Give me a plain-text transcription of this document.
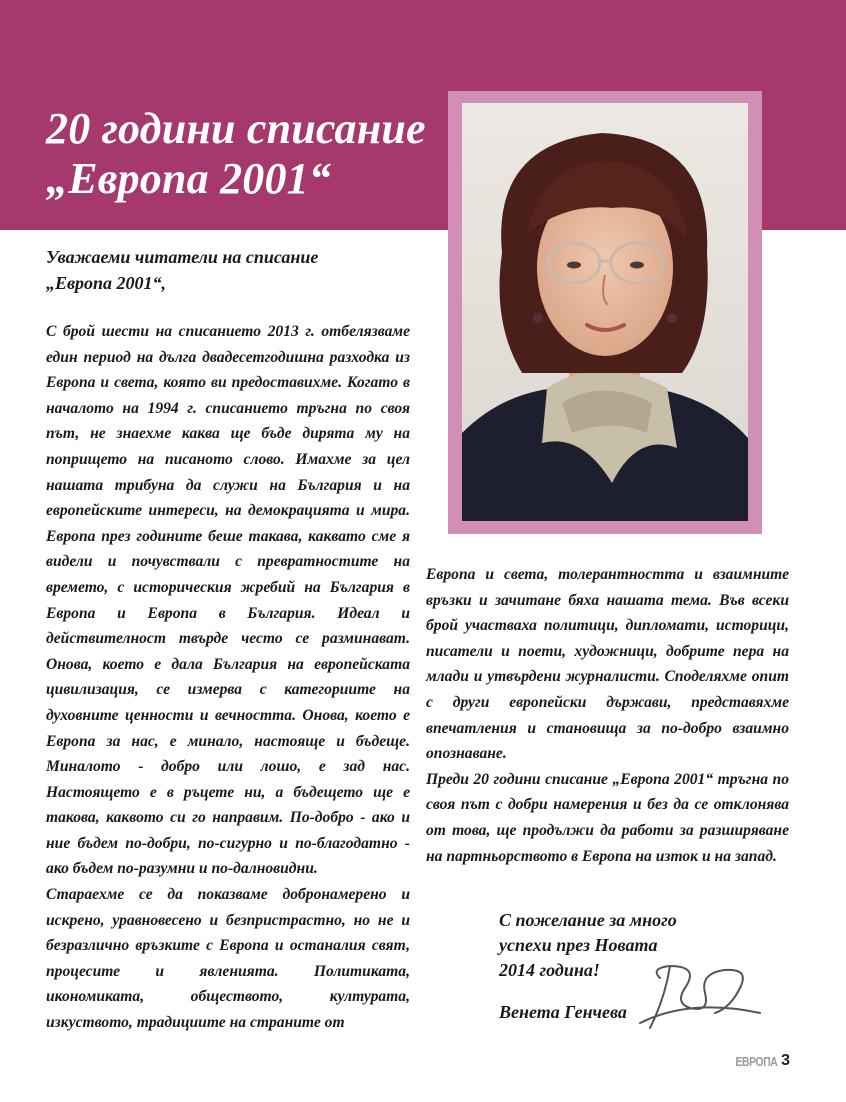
20 години списание
„Европа 2001“
Уважаеми читатели на списание
„Европа 2001“,

С брой шести на списанието 2013 г. отбелязваме един период на дълга двадесетгодишна разходка из Европа и света, която ви предоставихме. Когато в началото на 1994 г. списанието тръгна по своя път, не знаехме каква ще бъде дирята му на попрището на писаното слово. Имахме за цел нашата трибуна да служи на България и на европейските интереси, на демокрацията и мира. Европа през годините беше такава, каквато сме я видели и почувствали с превратностите на времето, с историческия жребий на България в Европа и Европа в България. Идеал и действителност твърде често се разминават. Онова, което е дала България на европейската цивилизация, се измерва с категориите на духовните ценности и вечността. Онова, което е Европа за нас, е минало, настояще и бъдеще. Миналото - добро или лошо, е зад нас. Настоящето е в ръцете ни, а бъдещето ще е такова, каквото си го направим. По-добро - ако и ние бъдем по-добри, по-сигурно и по-благодатно - ако бъдем по-разумни и по-далновидни.

Стараехме се да показваме добронамерено и искрено, уравновесено и безпристрастно, но не и безразлично връзките с Европа и останалия свят, процесите и явленията. Политиката, икономиката, обществото, културата, изкуството, традициите на страните от

Европа и света, толерантността и взаимните връзки и зачитане бяха нашата тема. Във всеки брой участваха политици, дипломати, историци, писатели и поети, художници, добрите пера на млади и утвърдени журналисти. Споделяхме опит с други европейски държави, представяхме впечатления и становища за по-добро взаимно опознаване.

Преди 20 години списание „Европа 2001“ тръгна по своя път с добри намерения и без да се отклонява от това, ще продължи да работи за разширяване на партньорството в Европа на изток и на запад.

С пожелание за много
успехи през Новата
2014 година!
Венета Генчева
ЕВРОПА 3
